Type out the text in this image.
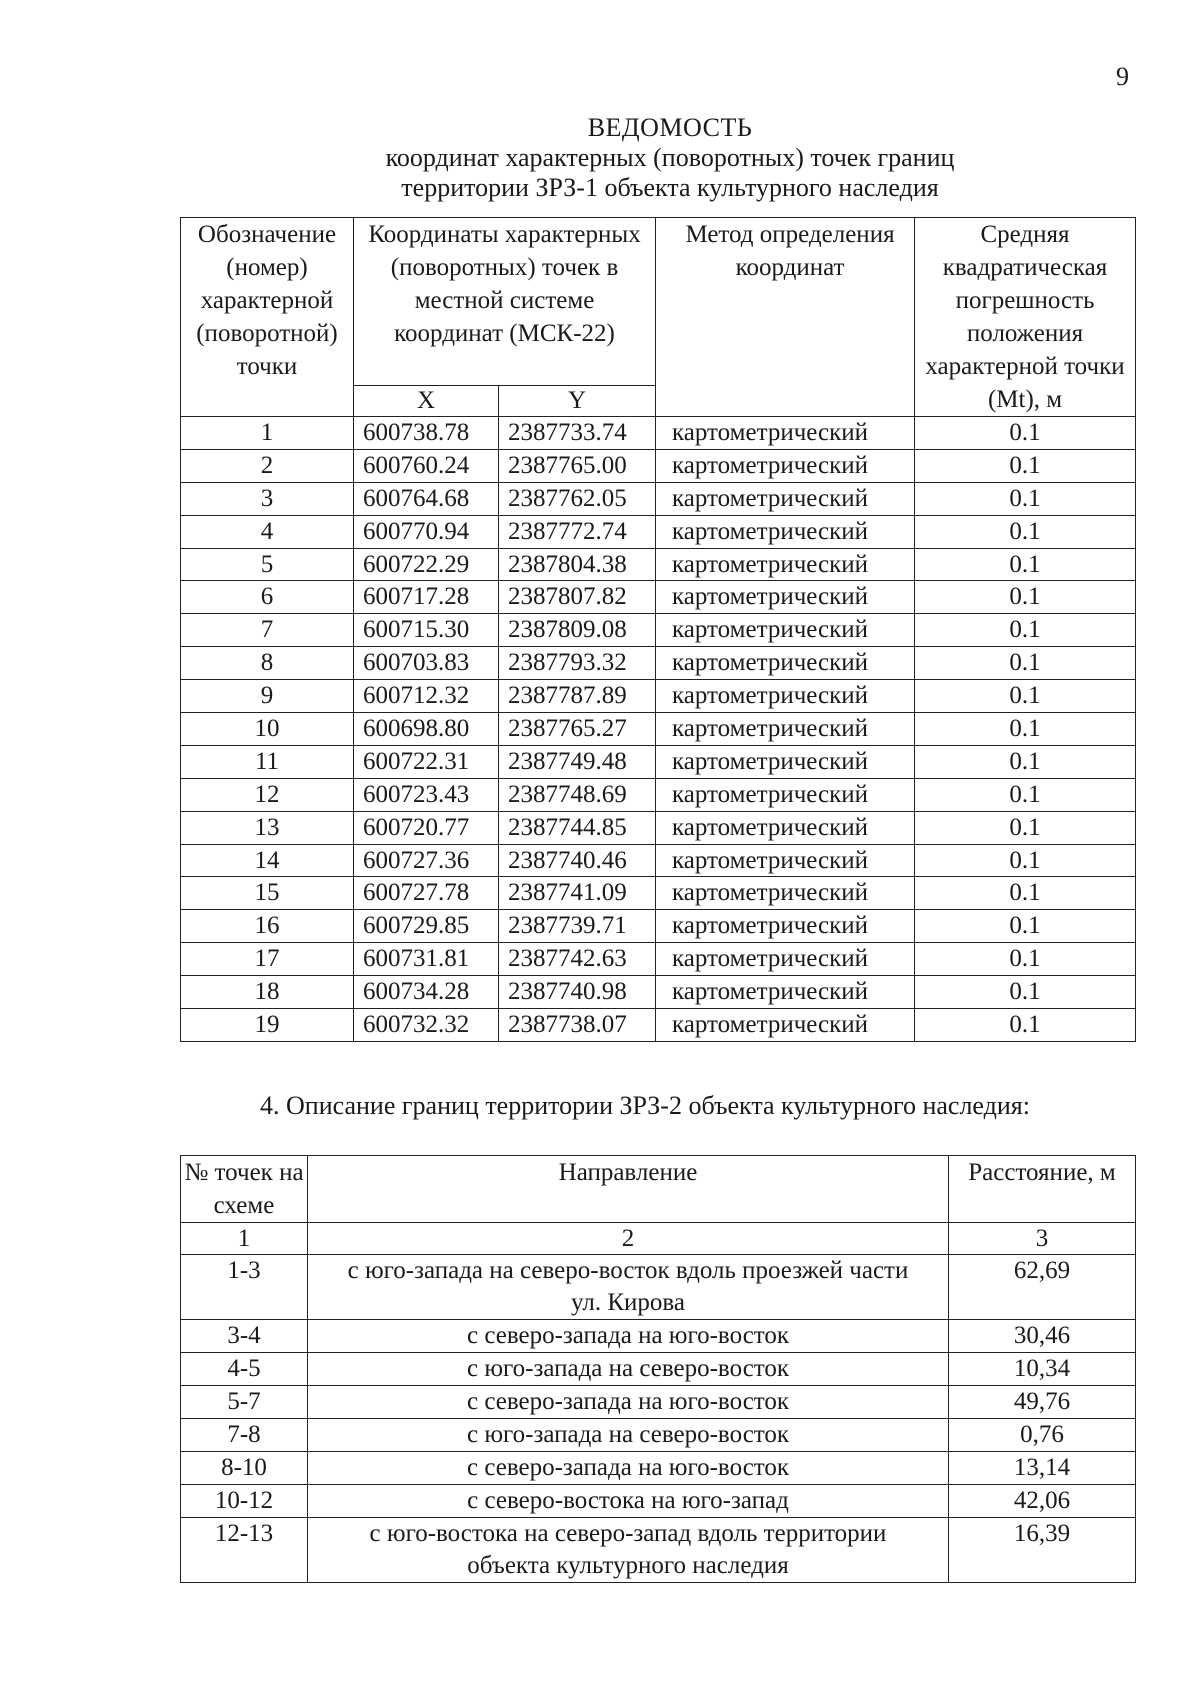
9
ВЕДОМОСТЬ
координат характерных (поворотных) точек границ
территории ЗРЗ-1 объекта культурного наследия
Обозначение (номер) характерной (поворотной) точки	Координаты характерных (поворотных) точек в местной системе координат (МСК-22)		Метод определения координат	Средняя квадратическая погрешность положения характерной точки (Mt), м
	X	Y		
1	600738.78	2387733.74	картометрический	0.1
2	600760.24	2387765.00	картометрический	0.1
3	600764.68	2387762.05	картометрический	0.1
4	600770.94	2387772.74	картометрический	0.1
5	600722.29	2387804.38	картометрический	0.1
6	600717.28	2387807.82	картометрический	0.1
7	600715.30	2387809.08	картометрический	0.1
8	600703.83	2387793.32	картометрический	0.1
9	600712.32	2387787.89	картометрический	0.1
10	600698.80	2387765.27	картометрический	0.1
11	600722.31	2387749.48	картометрический	0.1
12	600723.43	2387748.69	картометрический	0.1
13	600720.77	2387744.85	картометрический	0.1
14	600727.36	2387740.46	картометрический	0.1
15	600727.78	2387741.09	картометрический	0.1
16	600729.85	2387739.71	картометрический	0.1
17	600731.81	2387742.63	картометрический	0.1
18	600734.28	2387740.98	картометрический	0.1
19	600732.32	2387738.07	картометрический	0.1
4. Описание границ территории ЗРЗ-2 объекта культурного наследия:
№ точек на схеме	Направление	Расстояние, м
1	2	3
1-3	с юго-запада на северо-восток вдоль проезжей части ул. Кирова	62,69
3-4	с северо-запада на юго-восток	30,46
4-5	с юго-запада на северо-восток	10,34
5-7	с северо-запада на юго-восток	49,76
7-8	с юго-запада на северо-восток	0,76
8-10	с северо-запада на юго-восток	13,14
10-12	с северо-востока на юго-запад	42,06
12-13	с юго-востока на северо-запад вдоль территории объекта культурного наследия	16,39
